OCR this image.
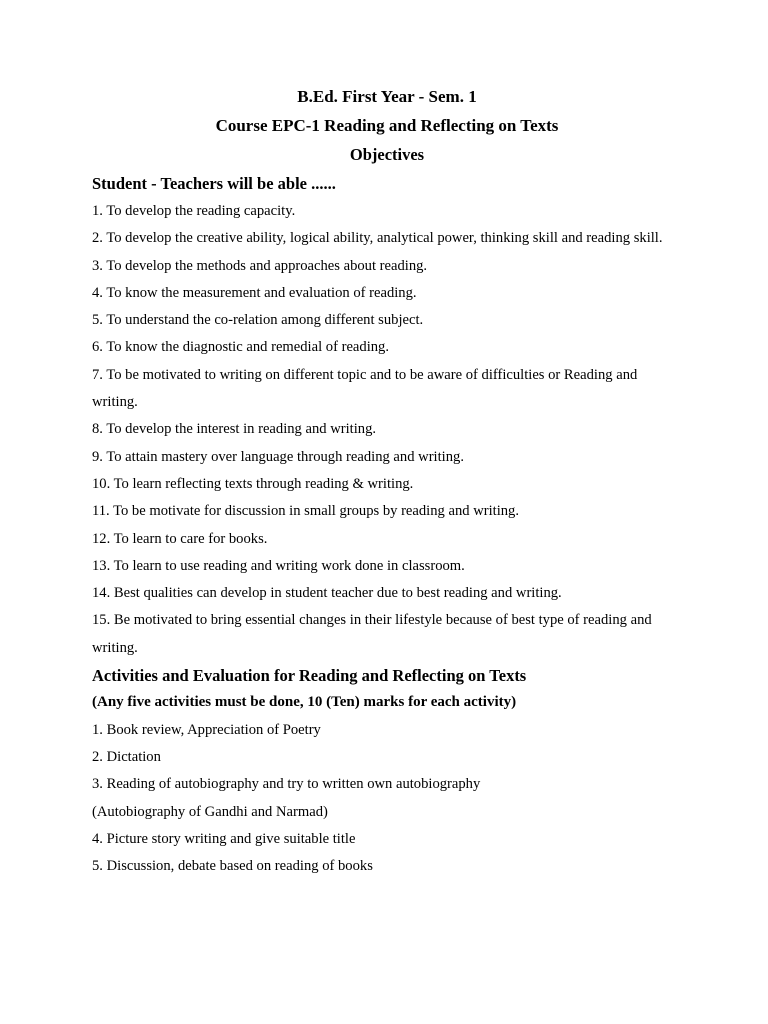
B.Ed. First Year - Sem. 1

Course EPC-1 Reading and Reflecting on Texts

Objectives

Student - Teachers will be able ......

1. To develop the reading capacity.

2. To develop the creative ability, logical ability, analytical power, thinking skill and reading skill.

3. To develop the methods and approaches about reading.

4. To know the measurement and evaluation of reading.

5. To understand the co-relation among different subject.

6. To know the diagnostic and remedial of reading.

7. To be motivated to writing on different topic and to be aware of difficulties or Reading and writing.

8. To develop the interest in reading and writing.

9. To attain mastery over language through reading and writing.

10. To learn reflecting texts through reading & writing.

11. To be motivate for discussion in small groups by reading and writing.

12. To learn to care for books.

13. To learn to use reading and writing work done in classroom.

14. Best qualities can develop in student teacher due to best reading and writing.

15. Be motivated to bring essential changes in their lifestyle because of best type of reading and writing.

Activities and Evaluation for Reading and Reflecting on Texts

(Any five activities must be done, 10 (Ten) marks for each activity)

1. Book review, Appreciation of Poetry

2. Dictation

3. Reading of autobiography and try to written own autobiography

(Autobiography of Gandhi and Narmad)

4. Picture story writing and give suitable title

5. Discussion, debate based on reading of books
